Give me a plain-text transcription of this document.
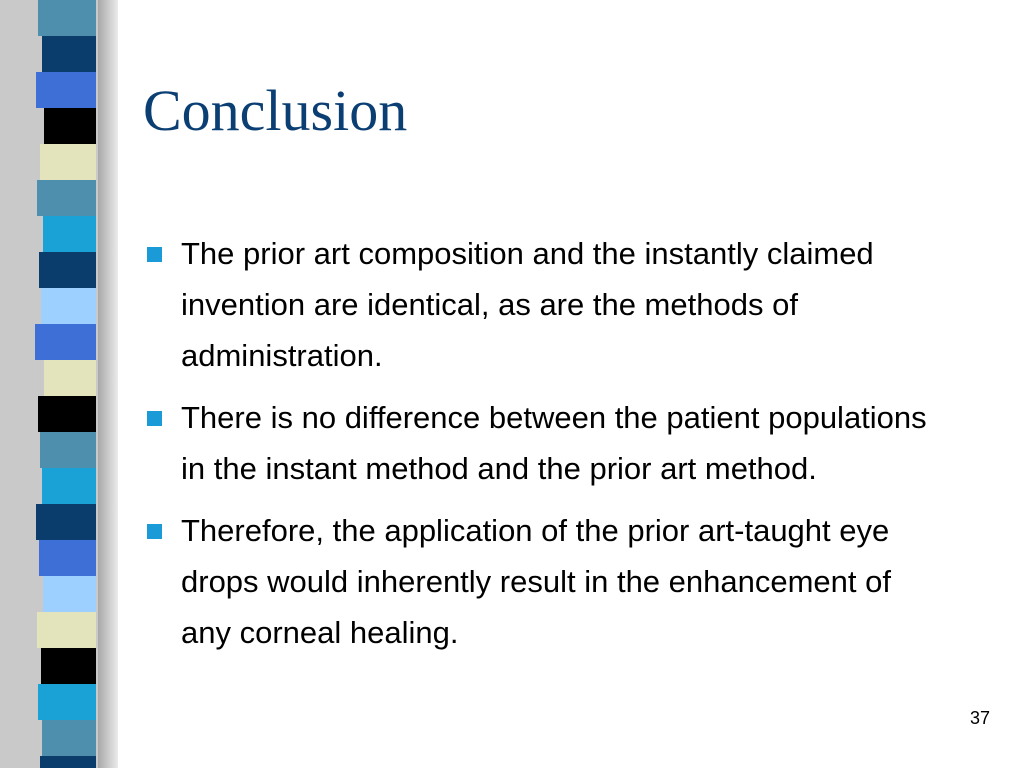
Conclusion
The prior art composition and the instantly claimed invention are identical, as are the methods of administration.
There is no difference between the patient populations in the instant method and the prior art method.
Therefore, the application of the prior art-taught eye drops would inherently result in the enhancement of any corneal healing.
37
